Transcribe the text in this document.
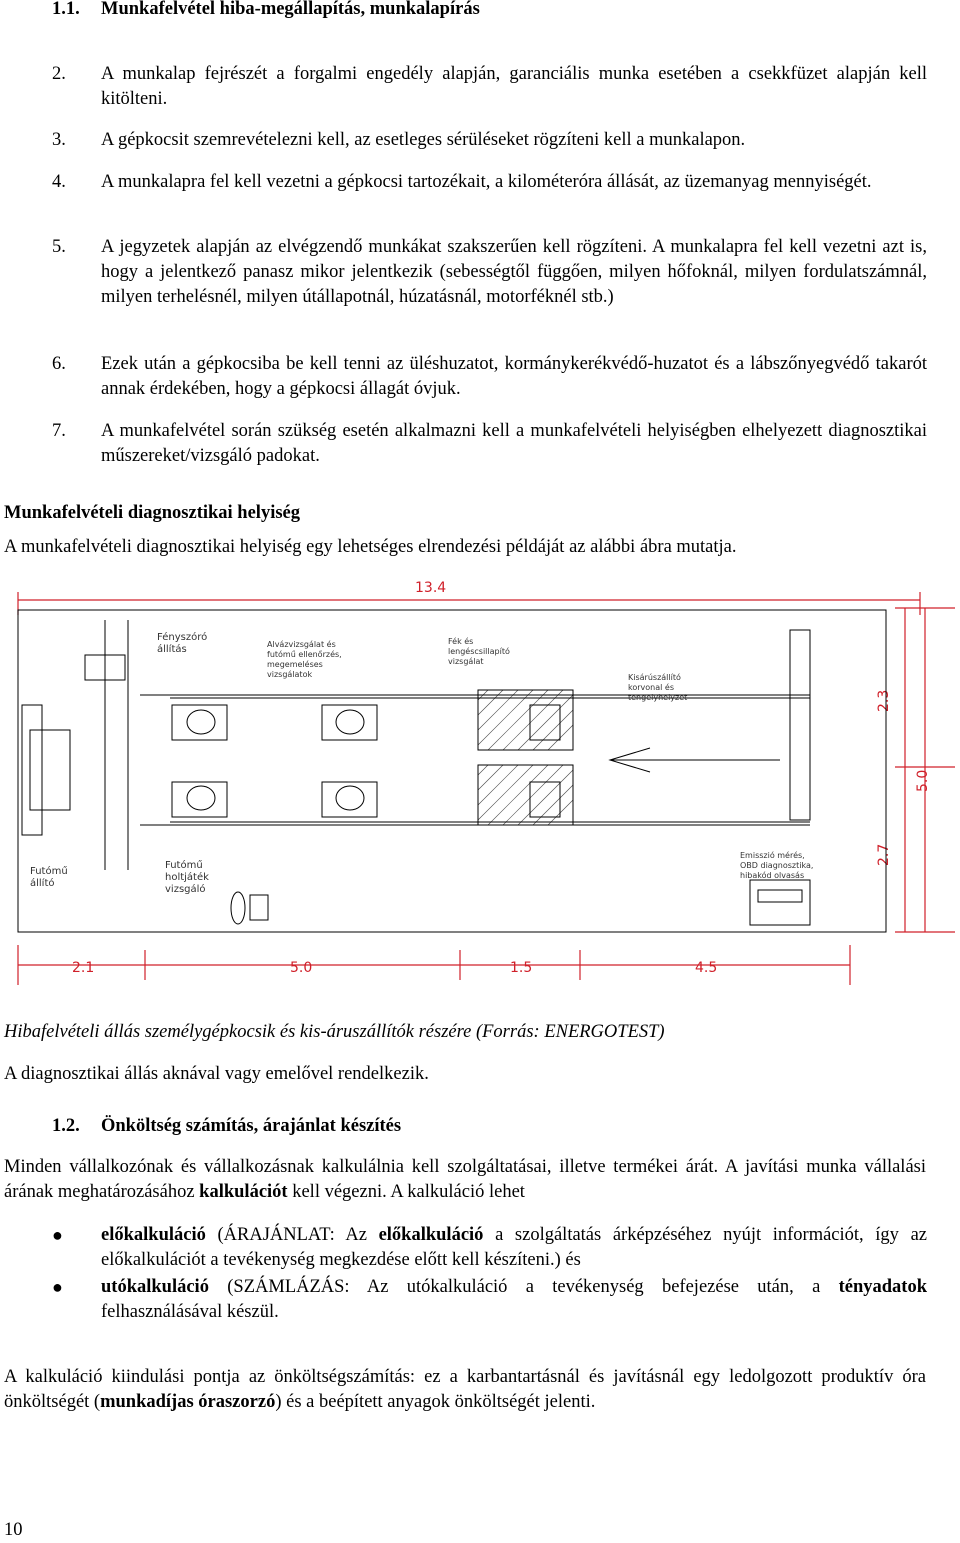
1.1. Munkafelvétel hiba-megállapítás, munkalapírás
2. A munkalap fejrészét a forgalmi engedély alapján, garanciális munka esetében a csekkfüzet alapján kell kitölteni.
3. A gépkocsit szemrevételezni kell, az esetleges sérüléseket rögzíteni kell a munkalapon.
4. A munkalapra fel kell vezetni a gépkocsi tartozékait, a kilométeróra állását, az üzemanyag mennyiségét.
5. A jegyzetek alapján az elvégzendő munkákat szakszerűen kell rögzíteni. A munkalapra fel kell vezetni azt is, hogy a jelentkező panasz mikor jelentkezik (sebességtől függően, milyen hőfoknál, milyen fordulatszámnál, milyen terhelésnél, milyen útállapotnál, húzatásnál, motorféknél stb.)
6. Ezek után a gépkocsiba be kell tenni az üléshuzatot, kormánykerékvédő-huzatot és a lábszőnyegvédő takarót annak érdekében, hogy a gépkocsi állagát óvjuk.
7. A munkafelvétel során szükség esetén alkalmazni kell a munkafelvételi helyiségben elhelyezett diagnosztikai műszereket/vizsgáló padokat.
Munkafelvételi diagnosztikai helyiség
A munkafelvételi diagnosztikai helyiség egy lehetséges elrendezési példáját az alábbi ábra mutatja.
13.4
2.3
5.0
2.7
2.1	5.0	1.5	4.5
Fényszóró
állítás	Alvázvizsgálat és
futómű ellenőrzés,
megemeléses
vizsgálatok
Fék és
lengéscsillapító
vizsgálat
Kisárúszállító
korvonal és
tengelyhelyzet
Futómű
állító
Futómű
holtjáték
vizsgáló
Emisszió mérés,
OBD diagnosztika,
hibakód olvasás
Hibafelvételi állás személygépkocsik és kis-áruszállítók részére (Forrás: ENERGOTEST)
A diagnosztikai állás aknával vagy emelővel rendelkezik.
1.2. Önköltség számítás, árajánlat készítés
Minden vállalkozónak és vállalkozásnak kalkulálnia kell szolgáltatásai, illetve termékei árát. A javítási munka vállalási árának meghatározásához kalkulációt kell végezni. A kalkuláció lehet
● előkalkuláció (ÁRAJÁNLAT: Az előkalkuláció a szolgáltatás árképzéséhez nyújt információt, így az előkalkulációt a tevékenység megkezdése előtt kell készíteni.) és
● utókalkuláció (SZÁMLÁZÁS: Az utókalkuláció a tevékenység befejezése után, a tényadatok felhasználásával készül.
A kalkuláció kiindulási pontja az önköltségszámítás: ez a karbantartásnál és javításnál egy ledolgozott produktív óra önköltségét (munkadíjas óraszorzó) és a beépített anyagok önköltségét jelenti.
10
